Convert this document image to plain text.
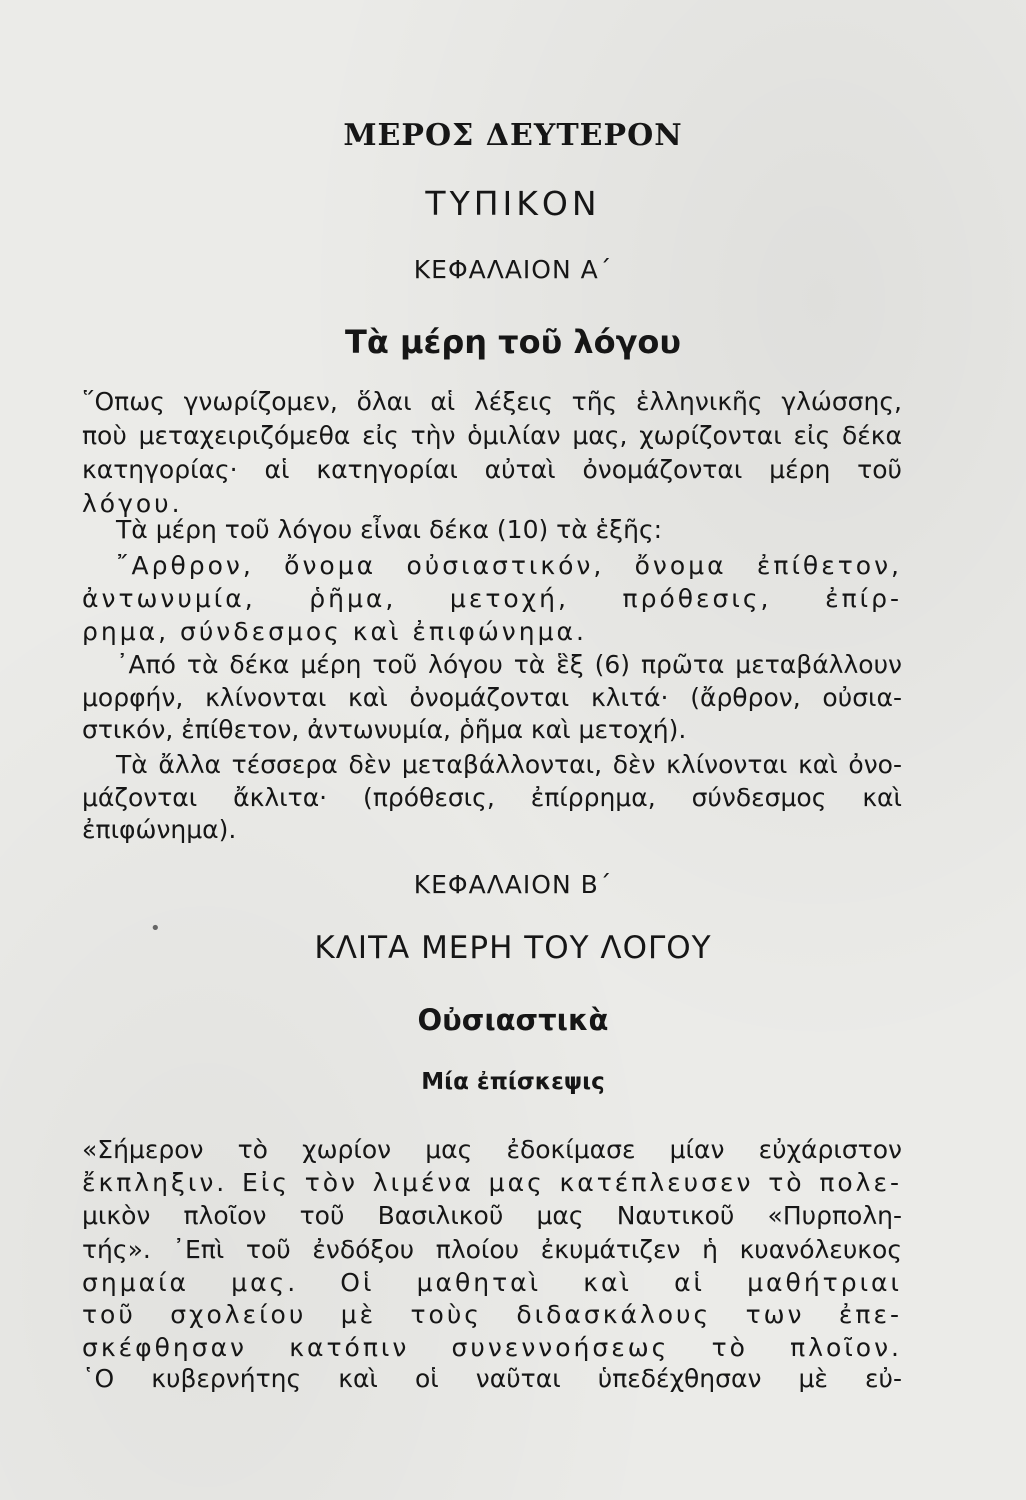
ΜΕΡΟΣ ΔΕΥΤΕΡΟΝ
ΤΥΠΙΚΟΝ
ΚΕΦΑΛΑΙΟΝ Α΄
Τὰ μέρη τοῦ λόγου
῞Οπως γνωρίζομεν, ὅλαι αἱ λέξεις τῆς ἑλληνικῆς γλώσσης,
ποὺ μεταχειριζόμεθα εἰς τὴν ὁμιλίαν μας, χωρίζονται εἰς δέκα
κατηγορίας· αἱ κατηγορίαι αὐταὶ ὀνομάζονται μέρη τοῦ
λόγου.
Τὰ μέρη τοῦ λόγου εἶναι δέκα (10) τὰ ἑξῆς:
῎Αρθρον, ὄνομα οὐσιαστικόν, ὄνομα ἐπίθετον,
ἀντωνυμία, ῥῆμα, μετοχή, πρόθεσις, ἐπίρ-
ρημα, σύνδεσμος καὶ ἐπιφώνημα.
᾿Από τὰ δέκα μέρη τοῦ λόγου τὰ ἓξ (6) πρῶτα μεταβάλλουν
μορφήν, κλίνονται καὶ ὀνομάζονται κλιτά· (ἄρθρον, οὐσια-
στικόν, ἐπίθετον, ἀντωνυμία, ῥῆμα καὶ μετοχή).
Τὰ ἄλλα τέσσερα δὲν μεταβάλλονται, δὲν κλίνονται καὶ ὀνο-
μάζονται ἄκλιτα· (πρόθεσις, ἐπίρρημα, σύνδεσμος καὶ
ἐπιφώνημα).
ΚΕΦΑΛΑΙΟΝ Β΄
ΚΛΙΤΑ ΜΕΡΗ ΤΟΥ ΛΟΓΟΥ
Οὐσιαστικὰ
Μία ἐπίσκεψις
«Σήμερον τὸ χωρίον μας ἐδοκίμασε μίαν εὐχάριστον
ἔκπληξιν. Εἰς τὸν λιμένα μας κατέπλευσεν τὸ πολε-
μικὸν πλοῖον τοῦ Βασιλικοῦ μας Ναυτικοῦ «Πυρπολη-
τής». ᾿Επὶ τοῦ ἐνδόξου πλοίου ἐκυμάτιζεν ἡ κυανόλευκος
σημαία μας. Οἱ μαθηταὶ καὶ αἱ μαθήτριαι
τοῦ σχολείου μὲ τοὺς διδασκάλους των ἐπε-
σκέφθησαν κατόπιν συνεννοήσεως τὸ πλοῖον.
῾Ο κυβερνήτης καὶ οἱ ναῦται ὑπεδέχθησαν μὲ εὐ-
•
